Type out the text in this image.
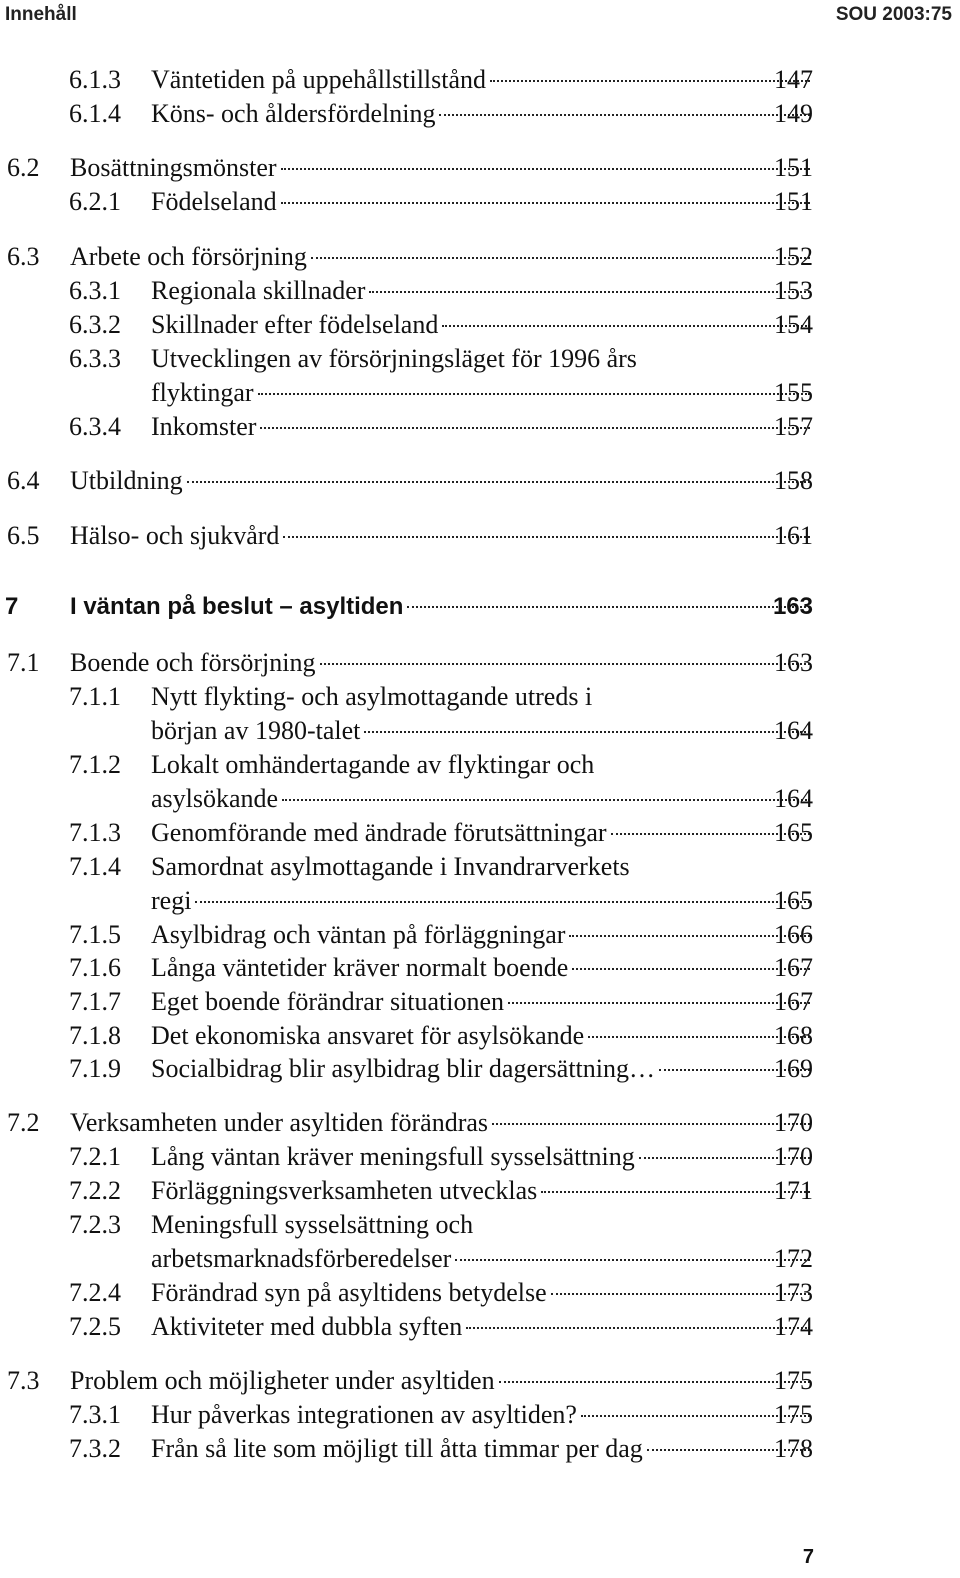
Innehåll	SOU 2003:75
6.1.3 Väntetiden på uppehållstillstånd	147
6.1.4 Köns- och åldersfördelning	149
6.2 Bosättningsmönster	151
6.2.1 Födelseland	151
6.3 Arbete och försörjning	152
6.3.1 Regionala skillnader	153
6.3.2 Skillnader efter födelseland	154
6.3.3 Utvecklingen av försörjningsläget för 1996 års
flyktingar	155
6.3.4 Inkomster	157
6.4 Utbildning	158
6.5 Hälso- och sjukvård	161
7 I väntan på beslut – asyltiden	163
7.1 Boende och försörjning	163
7.1.1 Nytt flykting- och asylmottagande utreds i
början av 1980-talet	164
7.1.2 Lokalt omhändertagande av flyktingar och
asylsökande	164
7.1.3 Genomförande med ändrade förutsättningar	165
7.1.4 Samordnat asylmottagande i Invandrarverkets
regi	165
7.1.5 Asylbidrag och väntan på förläggningar	166
7.1.6 Långa väntetider kräver normalt boende	167
7.1.7 Eget boende förändrar situationen	167
7.1.8 Det ekonomiska ansvaret för asylsökande	168
7.1.9 Socialbidrag blir asylbidrag blir dagersättning…	169
7.2 Verksamheten under asyltiden förändras	170
7.2.1 Lång väntan kräver meningsfull sysselsättning	170
7.2.2 Förläggningsverksamheten utvecklas	171
7.2.3 Meningsfull sysselsättning och
arbetsmarknadsförberedelser	172
7.2.4 Förändrad syn på asyltidens betydelse	173
7.2.5 Aktiviteter med dubbla syften	174
7.3 Problem och möjligheter under asyltiden	175
7.3.1 Hur påverkas integrationen av asyltiden?	175
7.3.2 Från så lite som möjligt till åtta timmar per dag	178
7
